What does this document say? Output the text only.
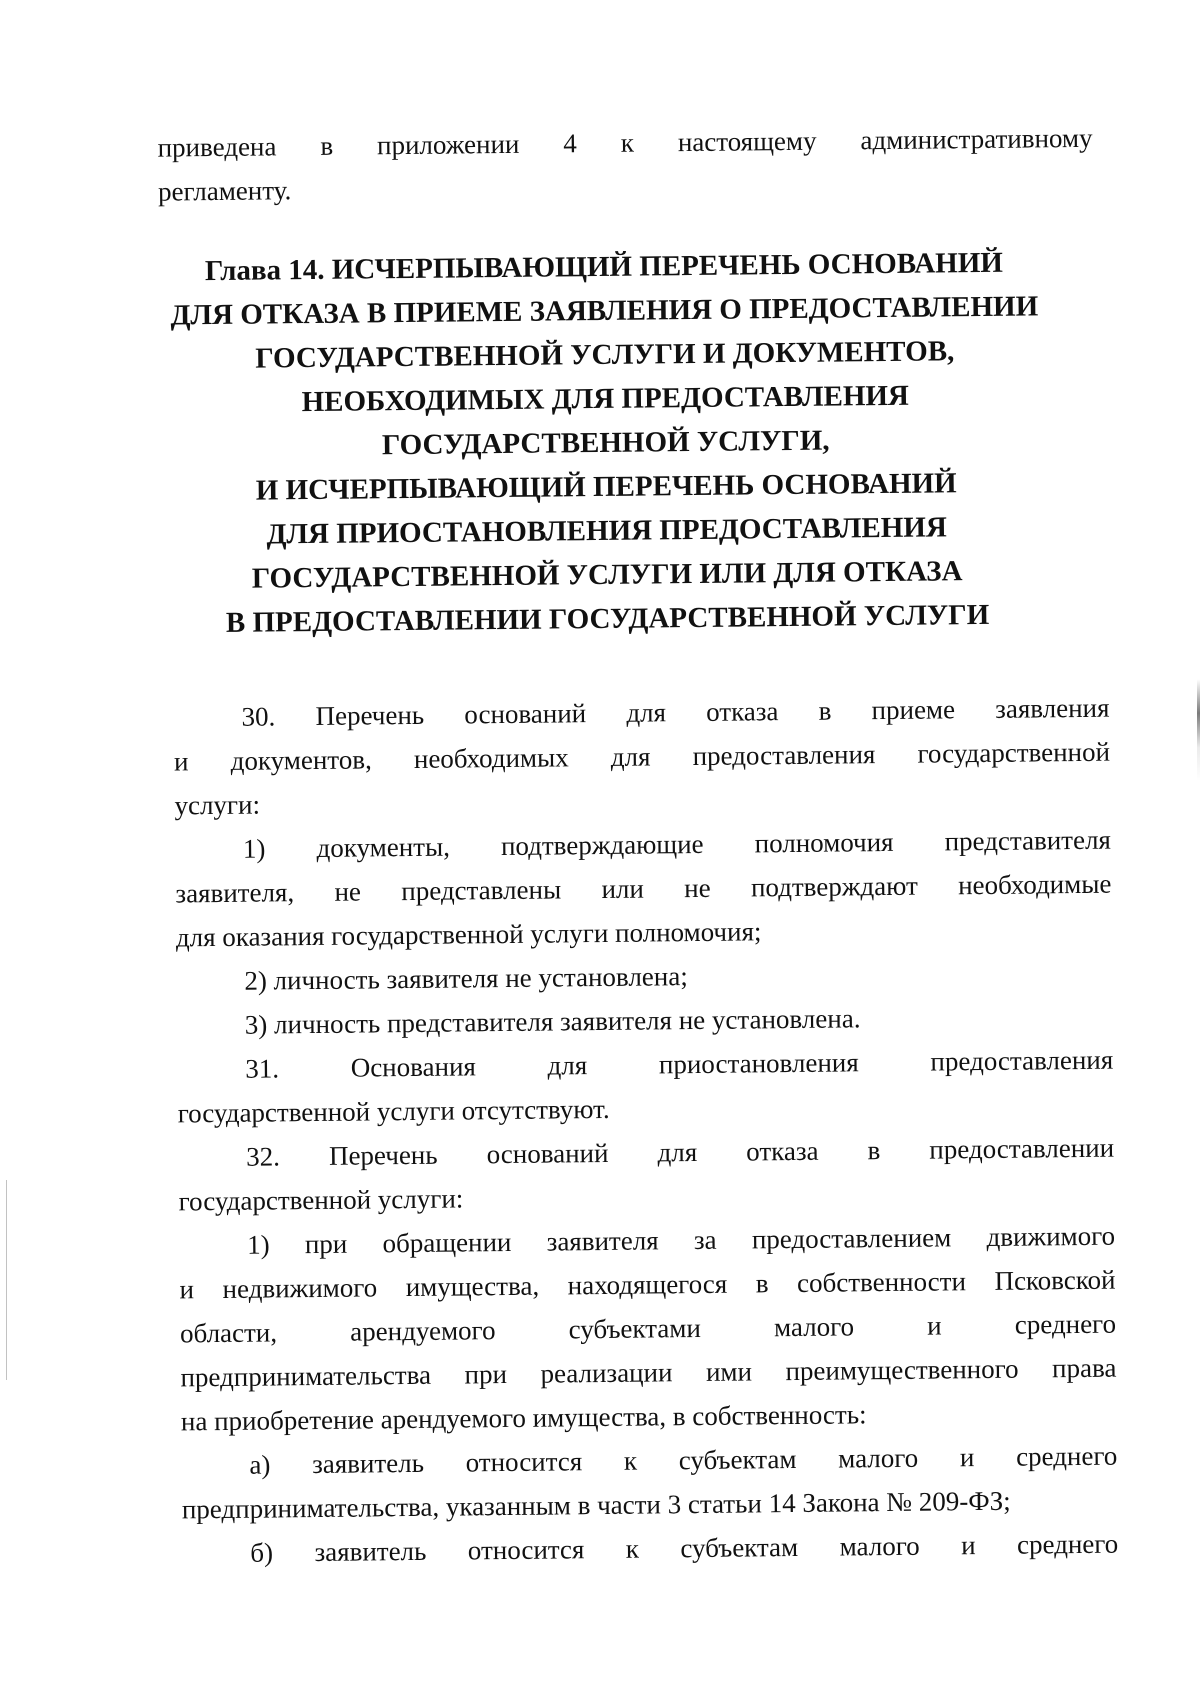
приведена в приложении 4 к настоящему административному
регламенту.
Глава 14. ИСЧЕРПЫВАЮЩИЙ ПЕРЕЧЕНЬ ОСНОВАНИЙ
ДЛЯ ОТКАЗА В ПРИЕМЕ ЗАЯВЛЕНИЯ О ПРЕДОСТАВЛЕНИИ
ГОСУДАРСТВЕННОЙ УСЛУГИ И ДОКУМЕНТОВ,
НЕОБХОДИМЫХ ДЛЯ ПРЕДОСТАВЛЕНИЯ
ГОСУДАРСТВЕННОЙ УСЛУГИ,
И ИСЧЕРПЫВАЮЩИЙ ПЕРЕЧЕНЬ ОСНОВАНИЙ
ДЛЯ ПРИОСТАНОВЛЕНИЯ ПРЕДОСТАВЛЕНИЯ
ГОСУДАРСТВЕННОЙ УСЛУГИ ИЛИ ДЛЯ ОТКАЗА
В ПРЕДОСТАВЛЕНИИ ГОСУДАРСТВЕННОЙ УСЛУГИ
30. Перечень оснований для отказа в приеме заявления
и документов, необходимых для предоставления государственной
услуги:
1) документы, подтверждающие полномочия представителя
заявителя, не представлены или не подтверждают необходимые
для оказания государственной услуги полномочия;
2) личность заявителя не установлена;
3) личность представителя заявителя не установлена.
31.	Основания	для	приостановления	предоставления
государственной услуги отсутствуют.
32. Перечень оснований для отказа в предоставлении
государственной услуги:
1) при обращении заявителя за предоставлением движимого
и недвижимого имущества, находящегося в собственности Псковской
области,	арендуемого	субъектами	малого	и	среднего
предпринимательства при реализации ими преимущественного права
на приобретение арендуемого имущества, в собственность:
а) заявитель относится к субъектам малого и среднего
предпринимательства, указанным в части 3 статьи 14 Закона № 209-ФЗ;
б) заявитель относится к субъектам малого и среднего
